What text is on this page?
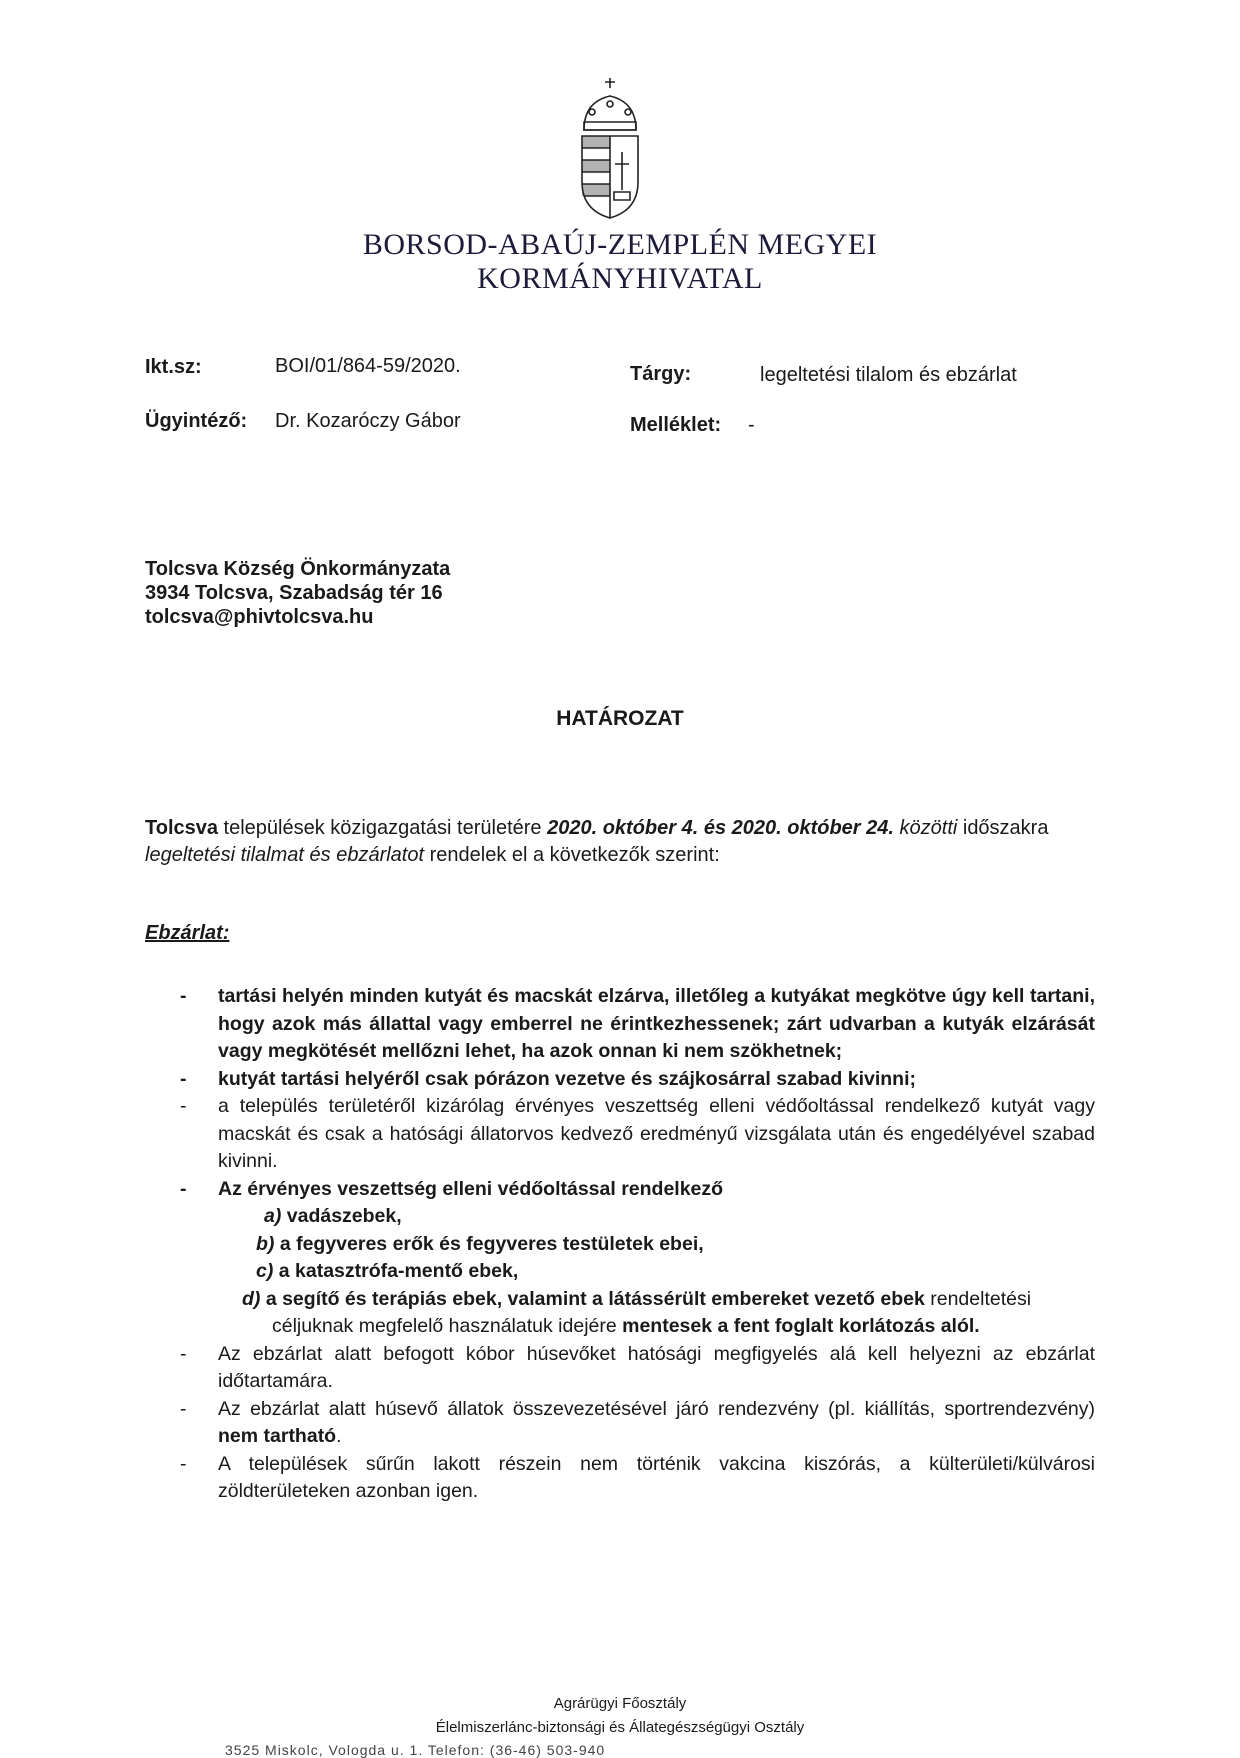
BORSOD-ABAÚJ-ZEMPLÉN MEGYEI
KORMÁNYHIVATAL
Ikt.sz:	BOI/01/864-59/2020.	Tárgy:	legeltetési tilalom és ebzárlat
Ügyintéző: Dr. Kozaróczy Gábor	Melléklet: -
Tolcsva Község Önkormányzata
3934 Tolcsva, Szabadság tér 16
tolcsva@phivtolcsva.hu
HATÁROZAT
Tolcsva települések közigazgatási területére 2020. október 4. és 2020. október 24. közötti időszakra legeltetési tilalmat és ebzárlatot rendelek el a következők szerint:
Ebzárlat:
-	tartási helyén minden kutyát és macskát elzárva, illetőleg a kutyákat megkötve úgy kell tartani, hogy azok más állattal vagy emberrel ne érintkezhessenek; zárt udvarban a kutyák elzárását vagy megkötését mellőzni lehet, ha azok onnan ki nem szökhetnek;
-	kutyát tartási helyéről csak pórázon vezetve és szájkosárral szabad kivinni;
-	a település területéről kizárólag érvényes veszettség elleni védőoltással rendelkező kutyát vagy macskát és csak a hatósági állatorvos kedvező eredményű vizsgálata után és engedélyével szabad kivinni.
-	Az érvényes veszettség elleni védőoltással rendelkező
a) vadászebek,
b) a fegyveres erők és fegyveres testületek ebei,
c) a katasztrófa-mentő ebek,
d) a segítő és terápiás ebek, valamint a látássérült embereket vezető ebek rendeltetési
céljuknak megfelelő használatuk idejére mentesek a fent foglalt korlátozás alól.
-	Az ebzárlat alatt befogott kóbor húsevőket hatósági megfigyelés alá kell helyezni az ebzárlat időtartamára.
-	Az ebzárlat alatt húsevő állatok összevezetésével járó rendezvény (pl. kiállítás, sportrendezvény) nem tartható.
-	A települések sűrűn lakott részein nem történik vakcina kiszórás, a külterületi/külvárosi zöldterületeken azonban igen.
Agrárügyi Főosztály
Élelmiszerlánc-biztonsági és Állategészségügyi Osztály
3525 Miskolc, Vologda u. 1. Telefon: (36-46) 503-940
